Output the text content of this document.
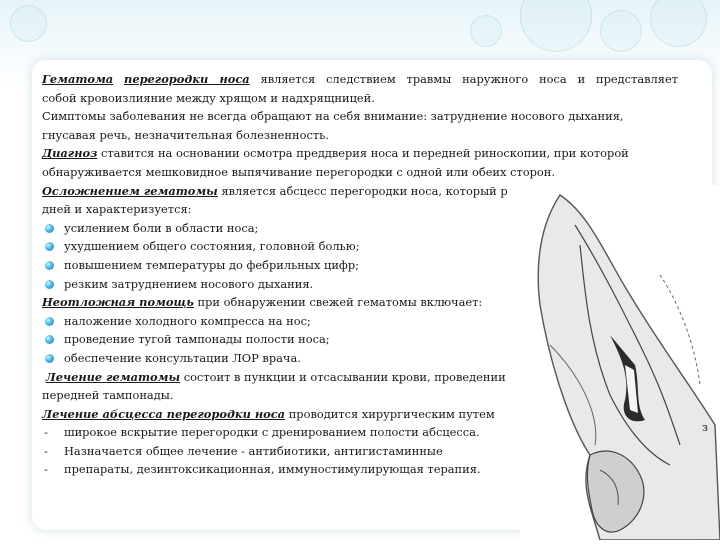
з

Гематома перегородки носа является следствием травмы наружного носа и представляет

собой кровоизлияние между хрящом и надхрящницей.

Симптомы заболевания не всегда обращают на себя внимание: затруднение носового дыхания,

гнусавая речь, незначительная болезненность.

Диагноз ставится на основании осмотра преддверия носа и передней риноскопии, при которой

обнаруживается мешковидное выпячивание перегородки с одной или обеих сторон.

Осложнением гематомы является абсцесс перегородки носа, который р

дней и характеризуется:

усилением боли в области носа;

ухудшением общего состояния, головной болью;

повышением температуры до фебрильных цифр;

резким затруднением носового дыхания.

Неотложная помощь при обнаружении свежей гематомы включает:

наложение холодного компресса на нос;

проведение тугой тампонады полости носа;

обеспечение консультации ЛОР врача.

Лечение гематомы состоит в пункции и отсасывании крови, проведении

передней тампонады.

Лечение абсцесса перегородки носа проводится хирургическим путем

- широкое вскрытие перегородки с дренированием полости абсцесса.

- Назначается общее лечение - антибиотики, антигистаминные

- препараты, дезинтоксикационная, иммуностимулирующая терапия.
